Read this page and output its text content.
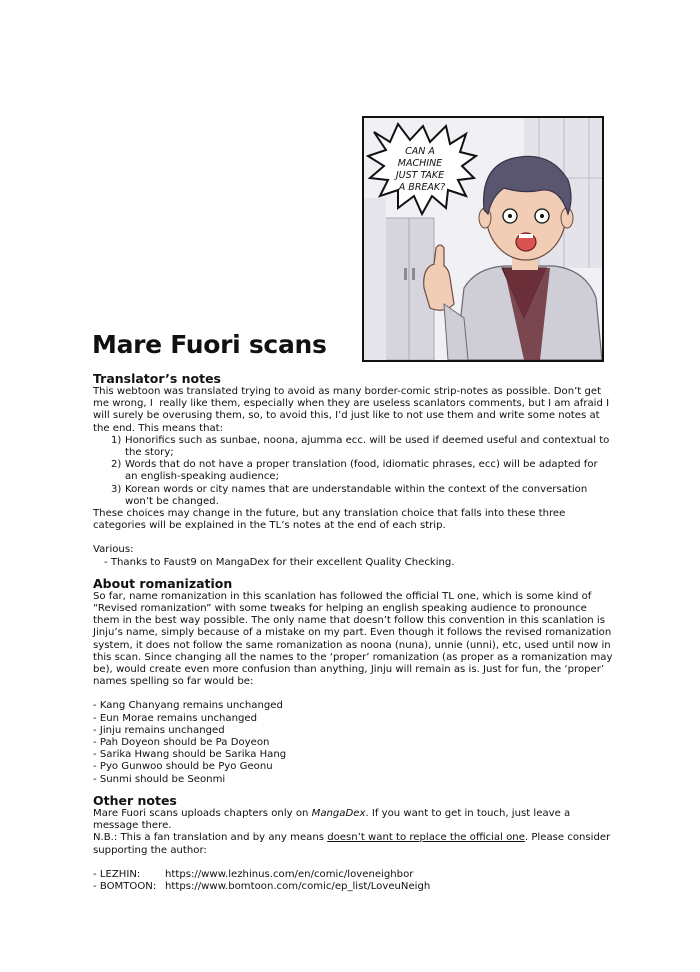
CAN A
MACHINE
JUST TAKE
A BREAK?
Mare Fuori scans
Translator’s notes

This webtoon was translated trying to avoid as many border-comic strip-notes as possible. Don’t get me wrong, I  really like them, especially when they are useless scanlators comments, but I am afraid I will surely be overusing them, so, to avoid this, I’d just like to not use them and write some notes at the end. This means that:

1) Honorifics such as sunbae, noona, ajumma ecc. will be used if deemed useful and contextual to the story;
2) Words that do not have a proper translation (food, idiomatic phrases, ecc) will be adapted for an english-speaking audience;
3) Korean words or city names that are understandable within the context of the conversation won’t be changed.

These choices may change in the future, but any translation choice that falls into these three categories will be explained in the TL’s notes at the end of each strip.

Various:

- Thanks to Faust9 on MangaDex for their excellent Quality Checking.

About romanization

So far, name romanization in this scanlation has followed the official TL one, which is some kind of “Revised romanization” with some tweaks for helping an english speaking audience to pronounce them in the best way possible. The only name that doesn’t follow this convention in this scanlation is Jinju’s name, simply because of a mistake on my part. Even though it follows the revised romanization system, it does not follow the same romanization as noona (nuna), unnie (unni), etc, used until now in this scan. Since changing all the names to the ‘proper’ romanization (as proper as a romanization may be), would create even more confusion than anything, Jinju will remain as is. Just for fun, the ‘proper’ names spelling so far would be:

- Kang Chanyang remains unchanged
- Eun Morae remains unchanged
- Jinju remains unchanged
- Pah Doyeon should be Pa Doyeon
- Sarika Hwang should be Sarika Hang
- Pyo Gunwoo should be Pyo Geonu
- Sunmi should be Seonmi
Other notes

Mare Fuori scans uploads chapters only on MangaDex. If you want to get in touch, just leave a message there.

N.B.: This a fan translation and by any means doesn’t want to replace the official one. Please consider supporting the author:

- LEZHIN:	https://www.lezhinus.com/en/comic/loveneighbor
- BOMTOON: https://www.bomtoon.com/comic/ep_list/LoveuNeigh
